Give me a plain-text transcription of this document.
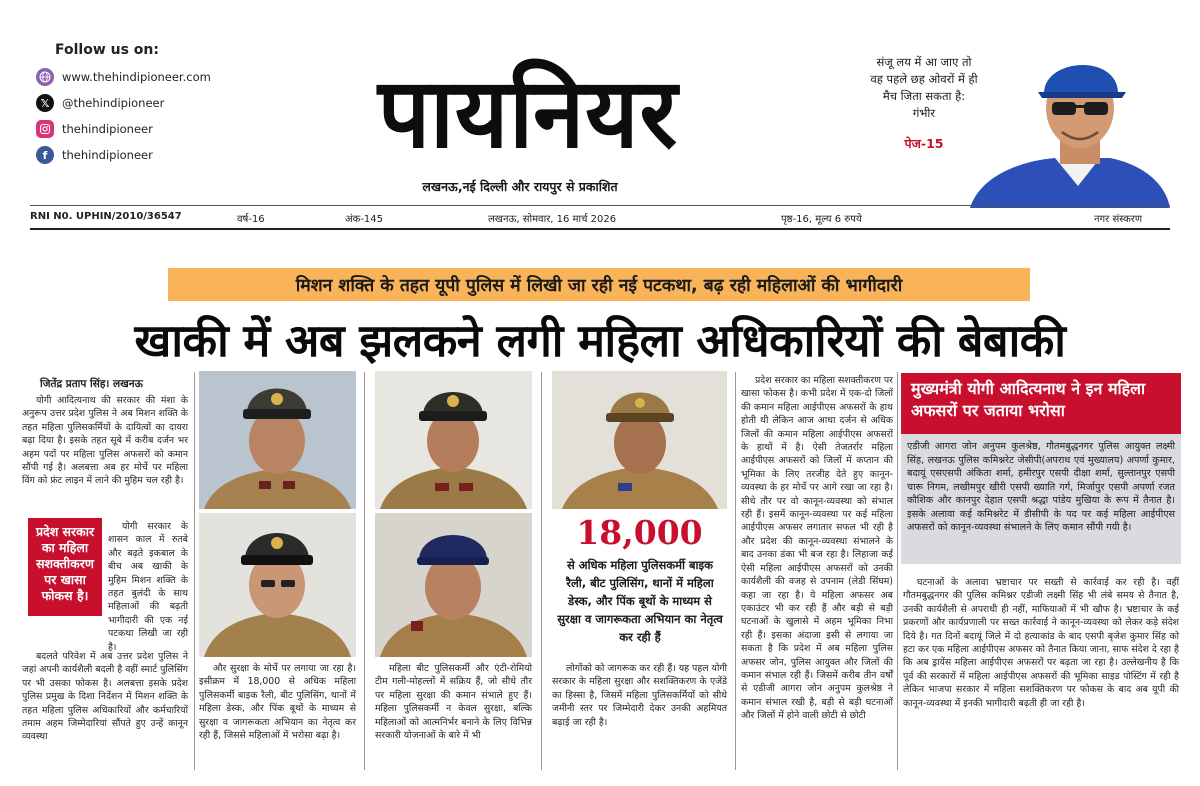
Follow us on:
www.thehindipioneer.com
𝕏	@thehindipioneer
thehindipioneer
f	thehindipioneer	पायनियर
लखनऊ,नई दिल्ली और रायपुर से प्रकाशित
संजू लय में आ जाए तो वह पहले छह ओवरों में ही मैच जिता सकता है: गंभीर
पेज-15
RNI N0. UPHIN/2010/36547	वर्ष-16	अंक-145	लखनऊ, सोमवार, 16 मार्च 2026	पृष्ठ-16, मूल्य 6 रुपये	नगर संस्करण
मिशन शक्ति के तहत यूपी पुलिस में लिखी जा रही नई पटकथा, बढ़ रही महिलाओं की भागीदारी
खाकी में अब झलकने लगी महिला अधिकारियों की बेबाकी
जितेंद्र प्रताप सिंह। लखनऊ

योगी आदित्यनाथ की सरकार की मंशा के अनुरूप उत्तर प्रदेश पुलिस ने अब मिशन शक्ति के तहत महिला पुलिसकर्मियों के दायित्वों का दायरा बढ़ा दिया है। इसके तहत सूबे में करीब दर्जन भर अहम पदों पर महिला पुलिस अफसरों को कमान सौंपी गई है। अलबत्ता अब हर मोर्चे पर महिला विंग को फ्रंट लाइन में लाने की मुहिम चल रही है।

प्रदेश सरकार का महिला सशक्तीकरण पर खासा फोकस है।

योगी सरकार के शासन काल में रुतबे और बढ़ते इकबाल के बीच अब खाकी के मुहिम मिशन शक्ति के तहत बुलंदी के साथ महिलाओं की बढ़ती भागीदारी की एक नई पटकथा लिखी जा रही है।

बदलते परिवेश में अब उत्तर प्रदेश पुलिस ने जहां अपनी कार्यशैली बदली है वहीं स्मार्ट पुलिसिंग पर भी उसका फोकस है। अलबत्ता इसके प्रदेश पुलिस प्रमुख के दिशा निर्देशन में मिशन शक्ति के तहत महिला पुलिस अधिकारियों और कर्मचारियों तमाम अहम जिम्मेदारियां सौंपते हुए उन्हें कानून व्यवस्था

और सुरक्षा के मोर्चे पर लगाया जा रहा है। इसीक्रम में 18,000 से अधिक महिला पुलिसकर्मी बाइक रैली, बीट पुलिसिंग, थानों में महिला डेस्क, और पिंक बूथों के माध्यम से सुरक्षा व जागरूकता अभियान का नेतृत्व कर रही हैं, जिससे महिलाओं में भरोसा बढ़ा है।

महिला बीट पुलिसकर्मी और एंटी-रोमियो टीम गली-मोहल्लों में सक्रिय हैं, जो सीधे तौर पर महिला सुरक्षा की कमान संभाले हुए हैं। महिला पुलिसकर्मी न केवल सुरक्षा, बल्कि महिलाओं को आत्मनिर्भर बनाने के लिए विभिन्न सरकारी योजनाओं के बारे में भी

18,000
से अधिक महिला पुलिसकर्मी बाइक रैली, बीट पुलिसिंग, थानों में महिला डेस्क, और पिंक बूथों के माध्यम से सुरक्षा व जागरूकता अभियान का नेतृत्व कर रही हैं

लोगोंको को जागरूक कर रही हैं। यह पहल योगी सरकार के महिला सुरक्षा और सशक्तिकरण के एजेंडे का हिस्सा है, जिसमें महिला पुलिसकर्मियों को सीधे जमीनी स्तर पर जिम्मेदारी देकर उनकी अहमियत बढ़ाई जा रही है।

प्रदेश सरकार का महिला सशक्तीकरण पर खासा फोकस है। कभी प्रदेश में एक-दो जिलों की कमान महिला आईपीएस अफसरों के हाथ होती थी लेकिन आज आधा दर्जन से अधिक जिलों की कमान महिला आईपीएस अफसरों के हाथों में है। ऐसी तेजतर्रार महिला आईपीएस अफसरों को जिलों में कप्तान की भूमिका के लिए तरजीह देते हुए कानून-व्यवस्था के हर मोर्चे पर आगे रखा जा रहा है। सीधे तौर पर वो कानून-व्यवस्था को संभाल रही हैं। इसमें कानून-व्यवस्था पर कई महिला आईपीएस अफसर लगातार सफल भी रही है और प्रदेश की कानून-व्यवस्था संभालने के बाद उनका डंका भी बज रहा है। लिहाजा कई ऐसी महिला आईपीएस अफसरों को उनकी कार्यशैली की वजह से उपनाम (लेडी सिंघम) कहा जा रहा है। ये महिला अफसर अब एकाउंटर भी कर रही हैं और बड़ी से बड़ी घटनाओं के खुलासे में अहम भूमिका निभा रही हैं। इसका अंदाजा इसी से लगाया जा सकता है कि प्रदेश में अब महिला पुलिस अफसर जोन, पुलिस आयुक्त और जिलों की कमान संभाल रही हैं। जिसमें करीब तीन वर्षों से एडीजी आगरा जोन अनुपम कुलश्रेष्ठ ने कमान संभाल रखी है, बड़ी से बड़ी घटनाओं और जिलों में होने वाली छोटी से छोटी

मुख्यमंत्री योगी आदित्यनाथ ने इन महिला अफसरों पर जताया भरोसा
एडीजी आगरा जोन अनुपम कुलश्रेष्ठ, गौतमबुद्धनगर पुलिस आयुक्त लक्ष्मी सिंह, लखनऊ पुलिस कमिश्नरेट जेसीपी(अपराध एवं मुख्यालय) अपर्णा कुमार, बदायूं एसएसपी अंकिता शर्मा, हमीरपुर एसपी दीक्षा शर्मा, सुल्तानपुर एसपी चारू निगम, लखीमपुर खीरी एसपी ख्याति गर्ग, मिर्जापुर एसपी अपर्णा रजत कौशिक और कानपुर देहात एसपी श्रद्धा पांडेय मुखिया के रूप में तैनात है। इसके अलावा कई कमिश्नरेट में डीसीपी के पद पर कई महिला आईपीएस अफसरों को कानून-व्यवस्था संभालने के लिए कमान सौंपी गयी है।

घटनाओं के अलावा भ्रष्टाचार पर सख्ती से कार्रवाई कर रही है। वहीं गौतमबुद्धनगर की पुलिस कमिश्नर एडीजी लक्ष्मी सिंह भी लंबे समय से तैनात है, उनकी कार्यशैली से अपराधी ही नहीं, माफियाओं में भी खौफ है। भ्रष्टाचार के कई प्रकरणों और कार्यप्रणाली पर सख्त कार्रवाई ने कानून-व्यवस्था को लेकर कड़े संदेश दिये है। गत दिनों बदायूं जिले में दो हत्याकांड के बाद एसपी बृजेश कुमार सिंह को हटा कर एक महिला आईपीएस अफसर को तैनात किया जाना, साफ संदेश दे रहा है कि अब ड्रायेंस महिला आईपीएस अफसरों पर बढ़ता जा रहा है। उल्लेखनीय है कि पूर्व की सरकारों में महिला आईपीएस अफसरों की भूमिका साइड पोस्टिंग में रही है लेकिन भाजपा सरकार में महिला सशक्तिकरण पर फोकस के बाद अब यूपी की कानून-व्यवस्था में इनकी भागीदारी बढ़ती ही जा रही है।
